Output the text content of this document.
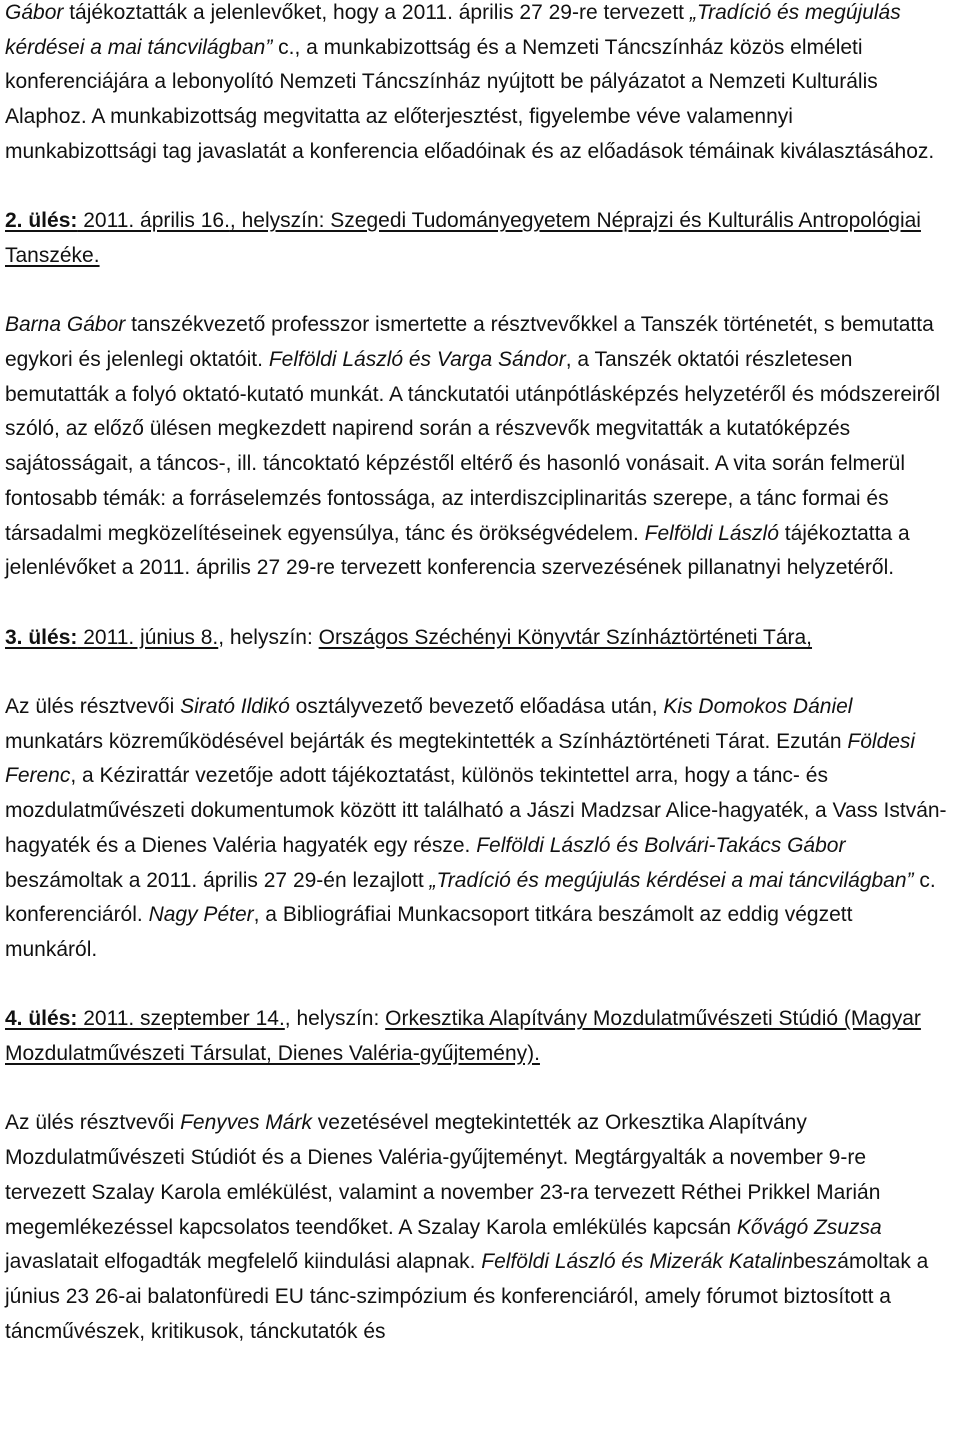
Gábor tájékoztatták a jelenlevőket, hogy a 2011. április 27 29-re tervezett „Tradíció és megújulás kérdései a mai táncvilágban” c., a munkabizottság és a Nemzeti Táncszínház közös elméleti konferenciájára a lebonyolító Nemzeti Táncszínház nyújtott be pályázatot a Nemzeti Kulturális Alaphoz. A munkabizottság megvitatta az előterjesztést, figyelembe véve valamennyi munkabizottsági tag javaslatát a konferencia előadóinak és az előadások témáinak kiválasztásához.

2. ülés: 2011. április 16., helyszín: Szegedi Tudományegyetem Néprajzi és Kulturális Antropológiai Tanszéke.

Barna Gábor tanszékvezető professzor ismertette a résztvevőkkel a Tanszék történetét, s bemutatta egykori és jelenlegi oktatóit. Felföldi László és Varga Sándor, a Tanszék oktatói részletesen bemutatták a folyó oktató-kutató munkát. A tánckutatói utánpótlásképzés helyzetéről és módszereiről szóló, az előző ülésen megkezdett napirend során a részvevők megvitatták a kutatóképzés sajátosságait, a táncos-, ill. táncoktató képzéstől eltérő és hasonló vonásait. A vita során felmerül fontosabb témák: a forráselemzés fontossága, az interdiszciplinaritás szerepe, a tánc formai és társadalmi megközelítéseinek egyensúlya, tánc és örökségvédelem. Felföldi László tájékoztatta a jelenlévőket a 2011. április 27 29-re tervezett konferencia szervezésének pillanatnyi helyzetéről.

3. ülés: 2011. június 8., helyszín: Országos Széchényi Könyvtár Színháztörténeti Tára,

Az ülés résztvevői Sirató Ildikó osztályvezető bevezető előadása után, Kis Domokos Dániel munkatárs közreműködésével bejárták és megtekintették a Színháztörténeti Tárat. Ezután Földesi Ferenc, a Kézirattár vezetője adott tájékoztatást, különös tekintettel arra, hogy a tánc- és mozdulatművészeti dokumentumok között itt található a Jászi Madzsar Alice-hagyaték, a Vass István-hagyaték és a Dienes Valéria hagyaték egy része. Felföldi László és Bolvári-Takács Gábor beszámoltak a 2011. április 27 29-én lezajlott „Tradíció és megújulás kérdései a mai táncvilágban” c. konferenciáról. Nagy Péter, a Bibliográfiai Munkacsoport titkára beszámolt az eddig végzett munkáról.

4. ülés: 2011. szeptember 14., helyszín: Orkesztika Alapítvány Mozdulatművészeti Stúdió (Magyar Mozdulatművészeti Társulat, Dienes Valéria-gyűjtemény).

Az ülés résztvevői Fenyves Márk vezetésével megtekintették az Orkesztika Alapítvány Mozdulatművészeti Stúdiót és a Dienes Valéria-gyűjteményt. Megtárgyalták a november 9-re tervezett Szalay Karola emlékülést, valamint a november 23-ra tervezett Réthei Prikkel Marián megemlékezéssel kapcsolatos teendőket. A Szalay Karola emlékülés kapcsán Kővágó Zsuzsa javaslatait elfogadták megfelelő kiindulási alapnak. Felföldi László és Mizerák Katalinbeszámoltak a június 23 26-ai balatonfüredi EU tánc-szimpózium és konferenciáról, amely fórumot biztosított a táncművészek, kritikusok, tánckutatók és
